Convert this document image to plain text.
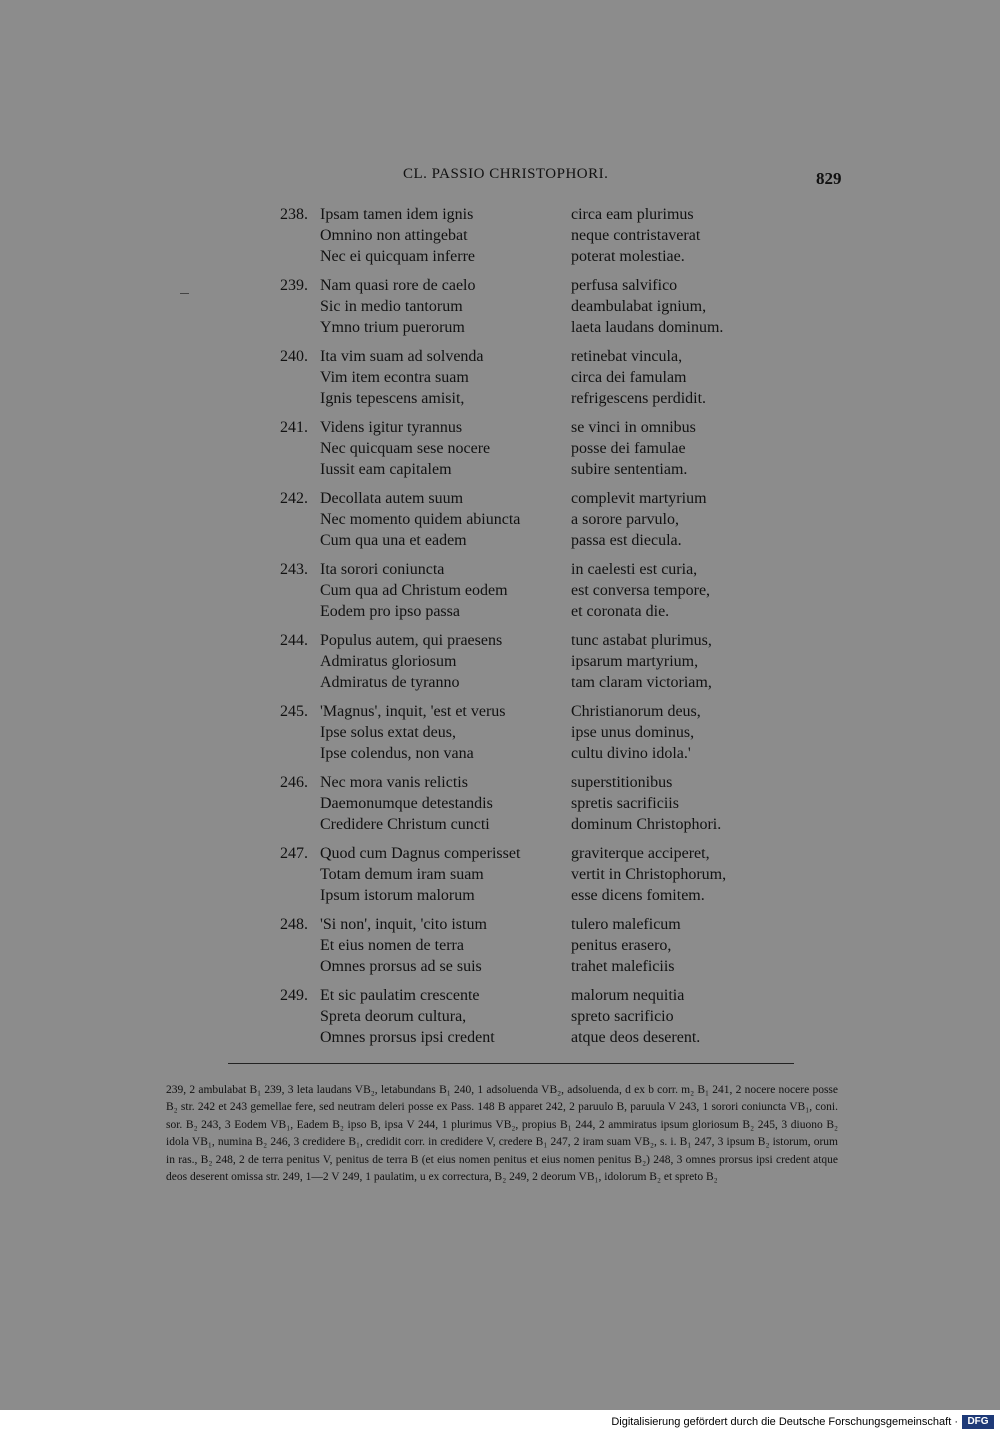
CL. PASSIO CHRISTOPHORI.	829
238. Ipsam tamen idem ignis	circa eam plurimus
Omnino non attingebat	neque contristaverat
Nec ei quicquam inferre	poterat molestiae.
239. Nam quasi rore de caelo	perfusa salvifico
Sic in medio tantorum	deambulabat ignium,
Ymno trium puerorum	laeta laudans dominum.
240. Ita vim suam ad solvenda	retinebat vincula,
Vim item econtra suam	circa dei famulam
Ignis tepescens amisit,	refrigescens perdidit.
241. Videns igitur tyrannus	se vinci in omnibus
Nec quicquam sese nocere	posse dei famulae
Iussit eam capitalem	subire sententiam.
242. Decollata autem suum	complevit martyrium
Nec momento quidem abiuncta	a sorore parvulo,
Cum qua una et eadem	passa est diecula.
243. Ita sorori coniuncta	in caelesti est curia,
Cum qua ad Christum eodem	est conversa tempore,
Eodem pro ipso passa	et coronata die.
244. Populus autem, qui praesens	tunc astabat plurimus,
Admiratus gloriosum	ipsarum martyrium,
Admiratus de tyranno	tam claram victoriam,
245. 'Magnus', inquit, 'est et verus	Christianorum deus,
Ipse solus extat deus,	ipse unus dominus,
Ipse colendus, non vana	cultu divino idola.'
246. Nec mora vanis relictis	superstitionibus
Daemonumque detestandis	spretis sacrificiis
Credidere Christum cuncti	dominum Christophori.
247. Quod cum Dagnus comperisset	graviterque acciperet,
Totam demum iram suam	vertit in Christophorum,
Ipsum istorum malorum	esse dicens fomitem.
248. 'Si non', inquit, 'cito istum	tulero maleficum
Et eius nomen de terra	penitus erasero,
Omnes prorsus ad se suis	trahet maleficiis
249. Et sic paulatim crescente	malorum nequitia
Spreta deorum cultura,	spreto sacrificio
Omnes prorsus ipsi credent	atque deos deserent.
239, 2 ambulabat B₁ 239, 3 leta laudans VB₂, letabundans B₁ 240, 1 adsoluenda VB₂, adsoluenda, d ex b corr. m₂ B₁ 241, 2 nocere nocere posse B₂ str. 242 et 243 gemellae fere, sed neutram deleri posse ex Pass. 148 B apparet 242, 2 paruulo B, paruula V 243, 1 sorori coniuncta VB₁, coni. sor. B₂ 243, 3 Eodem VB₁, Eadem B₂ ipso B, ipsa V 244, 1 plurimus VB₂, propius B₁ 244, 2 ammiratus ipsum gloriosum B₂ 245, 3 diuono B₂ idola VB₁, numina B₂ 246, 3 credidere B₁, credidit corr. in credidere V, credere B₁ 247, 2 iram suam VB₂, s. i. B₁ 247, 3 ipsum B₂ istorum, orum in ras., B₂ 248, 2 de terra penitus V, penitus de terra B (et eius nomen penitus et eius nomen penitus B₂) 248, 3 omnes prorsus ipsi credent atque deos deserent omissa str. 249, 1—2 V 249, 1 paulatim, u ex correctura, B₂ 249, 2 deorum VB₁, idolorum B₂ et spreto B₂
Digitalisierung gefördert durch die Deutsche Forschungsgemeinschaft · DFG
